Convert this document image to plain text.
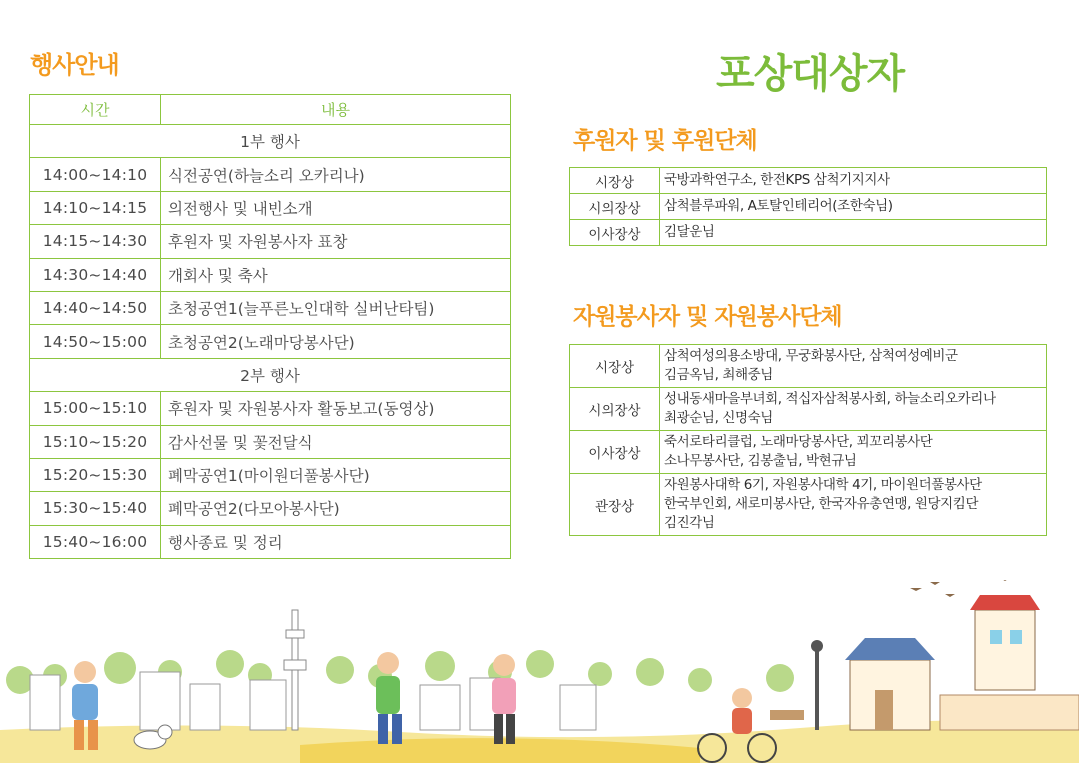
행사안내
시간	내용
1부 행사	
14:00~14:10	식전공연(하늘소리 오카리나)
14:10~14:15	의전행사 및 내빈소개
14:15~14:30	후원자 및 자원봉사자 표창
14:30~14:40	개회사 및 축사
14:40~14:50	초청공연1(늘푸른노인대학 실버난타팀)
14:50~15:00	초청공연2(노래마당봉사단)
2부 행사	
15:00~15:10	후원자 및 자원봉사자 활동보고(동영상)
15:10~15:20	감사선물 및 꽃전달식
15:20~15:30	폐막공연1(마이원더풀봉사단)
15:30~15:40	폐막공연2(다모아봉사단)
15:40~16:00	행사종료 및 정리
포상대상자
후원자 및 후원단체
시장상	국방과학연구소, 한전KPS 삼척기지지사

시의장상	삼척블루파워, A토탈인테리어(조한숙님)

이사장상	김달운님
자원봉사자 및 자원봉사단체
시장상	삼척여성의용소방대, 무궁화봉사단, 삼척여성예비군
김금옥님, 최해중님

시의장상	성내동새마을부녀회, 적십자삼척봉사회, 하늘소리오카리나
최광순님, 신명숙님

이사장상	죽서로타리클럽, 노래마당봉사단, 꾀꼬리봉사단
소나무봉사단, 김봉출님, 박현규님

관장상	자원봉사대학 6기, 자원봉사대학 4기, 마이원더풀봉사단
한국부인회, 새로미봉사단, 한국자유총연맹, 원당지킴단
김진각님
